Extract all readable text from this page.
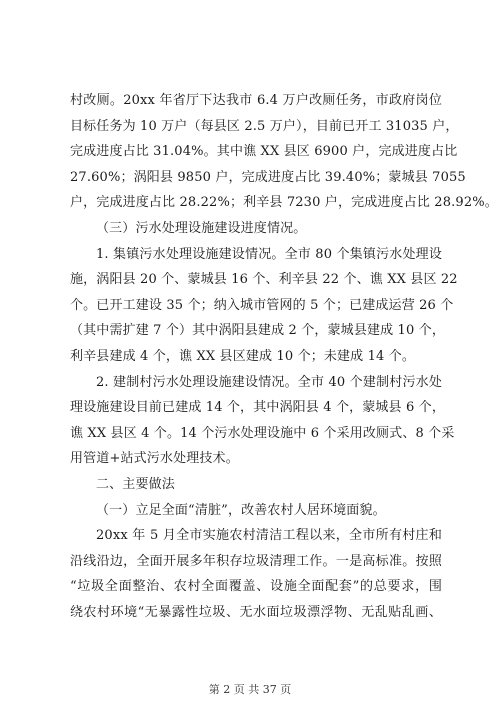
村改厕。20xx 年省厅下达我市 6.4 万户改厕任务，市政府岗位
目标任务为 10 万户（每县区 2.5 万户），目前已开工 31035 户，
完成进度占比 31.04%。其中谯 XX 县区 6900 户，完成进度占比
27.60%；涡阳县 9850 户，完成进度占比 39.40%；蒙城县 7055
户，完成进度占比 28.22%；利辛县 7230 户，完成进度占比 28.92%。
（三）污水处理设施建设进度情况。
1. 集镇污水处理设施建设情况。全市 80 个集镇污水处理设
施，涡阳县 20 个、蒙城县 16 个、利辛县 22 个、谯 XX 县区 22
个。已开工建设 35 个；纳入城市管网的 5 个；已建成运营 26 个
（其中需扩建 7 个）其中涡阳县建成 2 个，蒙城县建成 10 个，
利辛县建成 4 个，谯 XX 县区建成 10 个；未建成 14 个。
2. 建制村污水处理设施建设情况。全市 40 个建制村污水处
理设施建设目前已建成 14 个，其中涡阳县 4 个，蒙城县 6 个，
谯 XX 县区 4 个。14 个污水处理设施中 6 个采用改厕式、8 个采
用管道+站式污水处理技术。
二、主要做法
（一）立足全面“清脏”，改善农村人居环境面貌。
20xx 年 5 月全市实施农村清洁工程以来，全市所有村庄和
沿线沿边，全面开展多年积存垃圾清理工作。一是高标准。按照
“垃圾全面整治、农村全面覆盖、设施全面配套”的总要求，围
绕农村环境“无暴露性垃圾、无水面垃圾漂浮物、无乱贴乱画、
第 2 页 共 37 页
